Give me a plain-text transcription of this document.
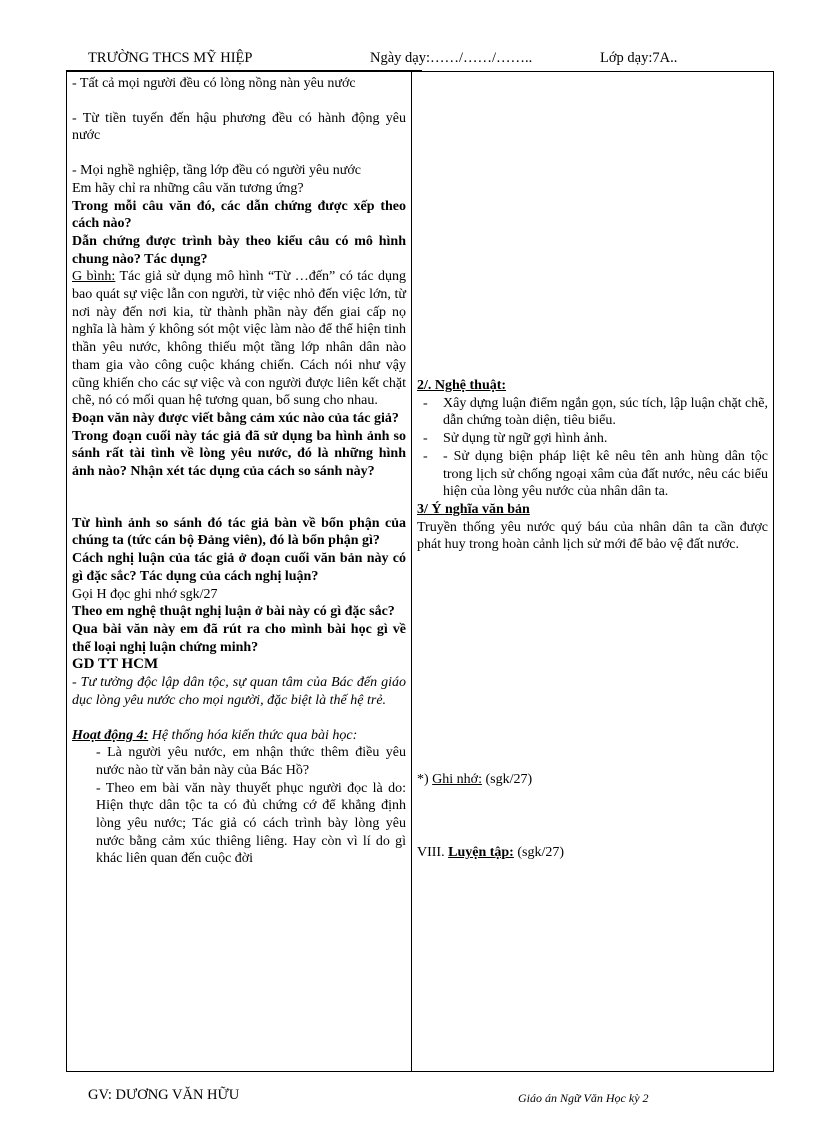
TRƯỜNG THCS MỸ HIỆP	Ngày dạy:……/……/……..	Lớp dạy:7A..

- Tất cả mọi người đều có lòng nồng nàn yêu nước

- Từ tiền tuyến đến hậu phương đều có hành động yêu nước

- Mọi nghề nghiệp, tầng lớp đều có người yêu nước

Em hãy chỉ ra những câu văn tương ứng?

Trong mỗi câu văn đó, các dẫn chứng được xếp theo cách nào?

Dẫn chứng được trình bày theo kiểu câu có mô hình chung nào? Tác dụng?

G bình: Tác giả sử dụng mô hình “Từ …đến” có tác dụng bao quát sự việc lẫn con người, từ việc nhỏ đến việc lớn, từ nơi này đến nơi kia, từ thành phần này đến giai cấp nọ nghĩa là hàm ý không sót một việc làm nào để thể hiện tinh thần yêu nước, không thiếu một tầng lớp nhân dân nào tham gia vào công cuộc kháng chiến. Cách nói như vậy cũng khiến cho các sự việc và con người được liên kết chặt chẽ, nó có mối quan hệ tương quan, bổ sung cho nhau.

Đoạn văn này được viết bằng cảm xúc nào của tác giả?

Trong đoạn cuối này tác giả đã sử dụng ba hình ảnh so sánh rất tài tình về lòng yêu nước, đó là những hình ảnh nào? Nhận xét tác dụng của cách so sánh này?

Từ hình ảnh so sánh đó tác giả bàn về bổn phận của chúng ta (tức cán bộ Đảng viên), đó là bổn phận gì?

Cách nghị luận của tác giả ở đoạn cuối văn bản này có gì đặc sắc? Tác dụng của cách nghị luận?

Gọi H đọc ghi nhớ sgk/27

Theo em nghệ thuật nghị luận ở bài này có gì đặc sắc?

Qua bài văn này em đã rút ra cho mình bài học gì về thể loại nghị luận chứng minh?

GD TT HCM

- Tư tưởng độc lập dân tộc, sự quan tâm của Bác đến giáo dục lòng yêu nước cho mọi người, đặc biệt là thế hệ trẻ.

Hoạt động 4: Hệ thống hóa kiến thức qua bài học:

- Là người yêu nước, em nhận thức thêm điều yêu nước nào từ văn bản này của Bác Hồ?

- Theo em bài văn này thuyết phục người đọc là do: Hiện thực dân tộc ta có đủ chứng cớ để khẳng định lòng yêu nước; Tác giả có cách trình bày lòng yêu nước bằng cảm xúc thiêng liêng. Hay còn vì lí do gì khác liên quan đến cuộc đời

2/. Nghệ thuật:

- Xây dựng luận điểm ngắn gọn, súc tích, lập luận chặt chẽ, dẫn chứng toàn diện, tiêu biểu.
- Sử dụng từ ngữ gợi hình ảnh.
- - Sử dụng biện pháp liệt kê nêu tên anh hùng dân tộc trong lịch sử chống ngoại xâm của đất nước, nêu các biểu hiện của lòng yêu nước của nhân dân ta.

3/ Ý nghĩa văn bản

Truyền thống yêu nước quý báu của nhân dân ta cần được phát huy trong hoàn cảnh lịch sử mới để bảo vệ đất nước.

*) Ghi nhớ: (sgk/27)

VIII. Luyện tập: (sgk/27)

GV: DƯƠNG VĂN HỮU	Giáo án Ngữ Văn Học kỳ 2
